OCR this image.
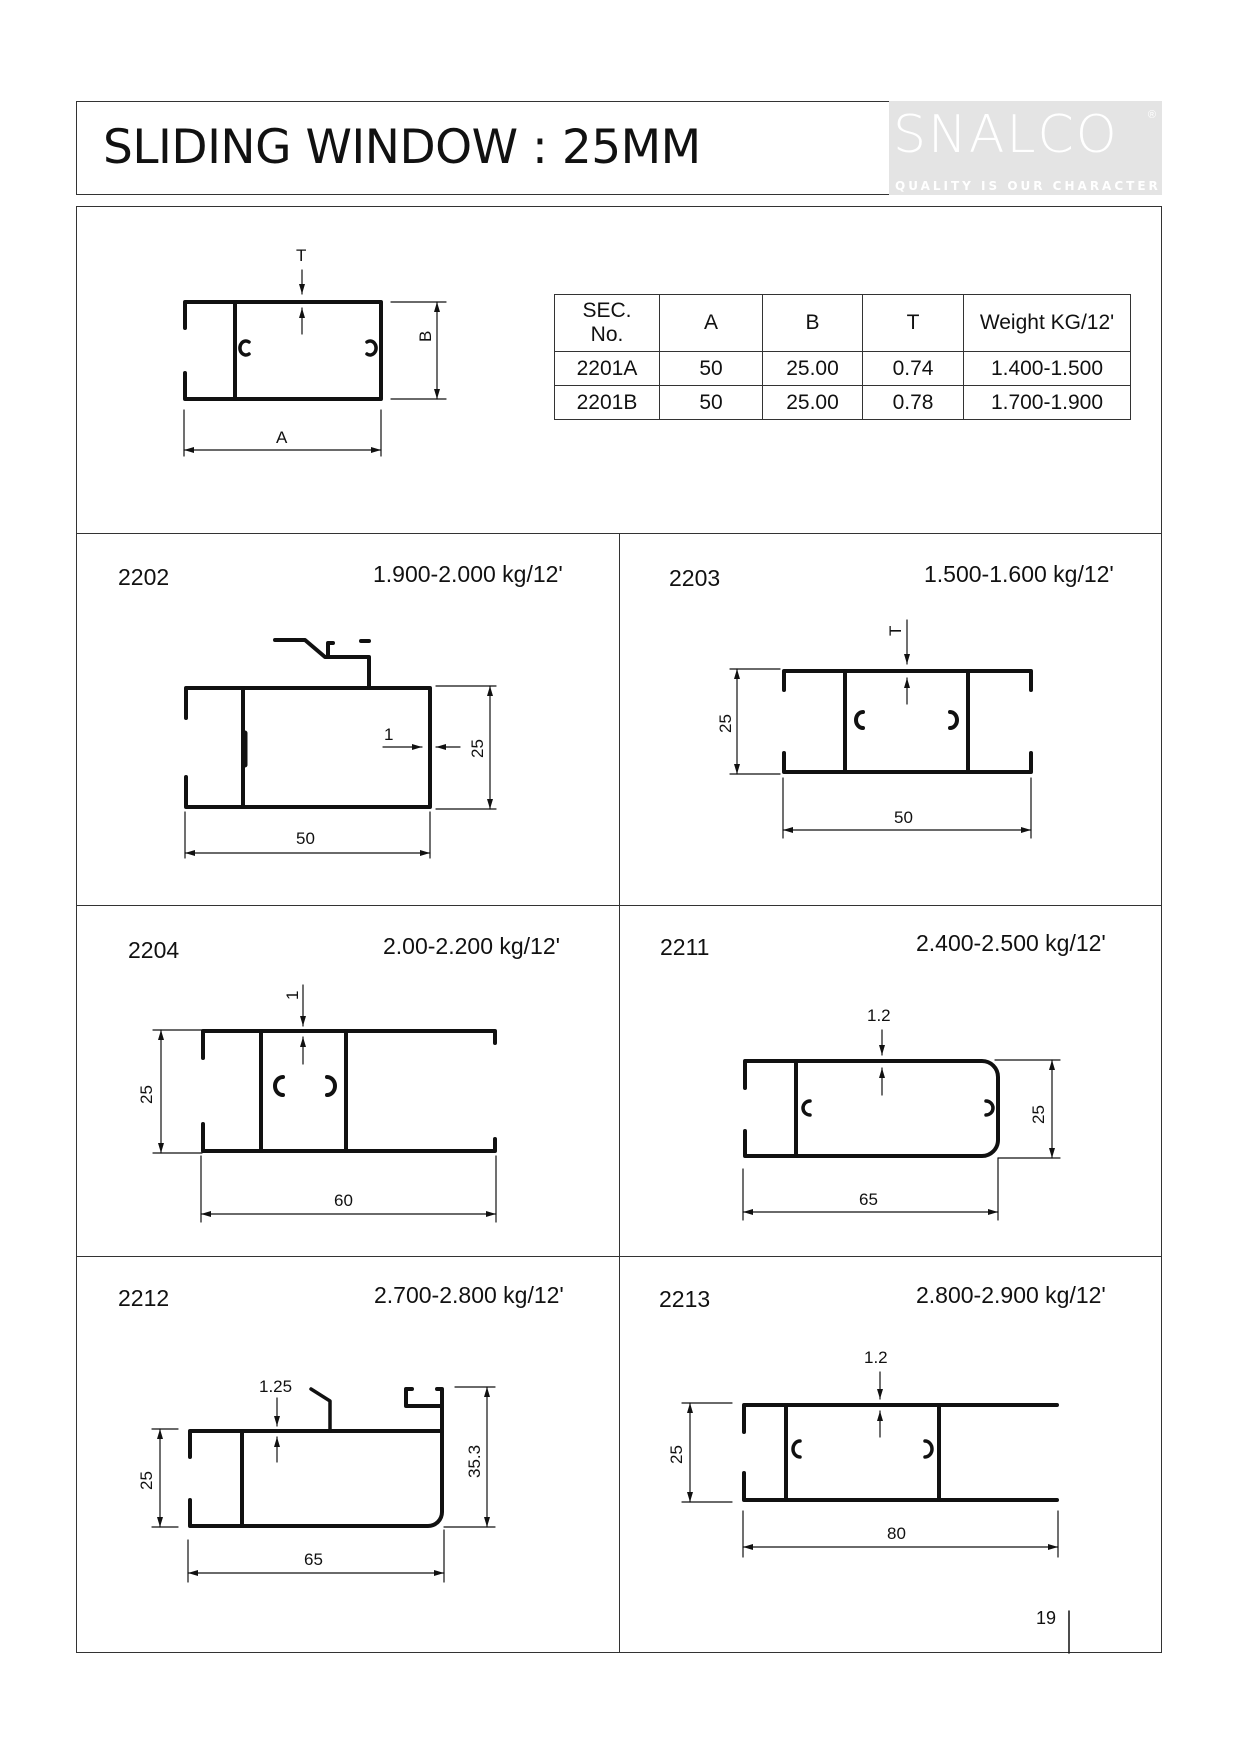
SLIDING WINDOW : 25MM	SNALCO	®
QUALITY IS OUR CHARACTER
SEC.
No.	A	B	T	Weight KG/12'
2201A	50	25.00	0.74	1.400-1.500
2201B	50	25.00	0.78	1.700-1.900
T
B
A
2202	1.900-2.000 kg/12'
1
25
50
2203	1.500-1.600 kg/12'
T
25
50
2204	2.00-2.200 kg/12'
1
25
60
2211	2.400-2.500 kg/12'
1.2
25
65
2212	2.700-2.800 kg/12'
1.25
25
35.3
65
2213	2.800-2.900 kg/12'
1.2
25
80
19
